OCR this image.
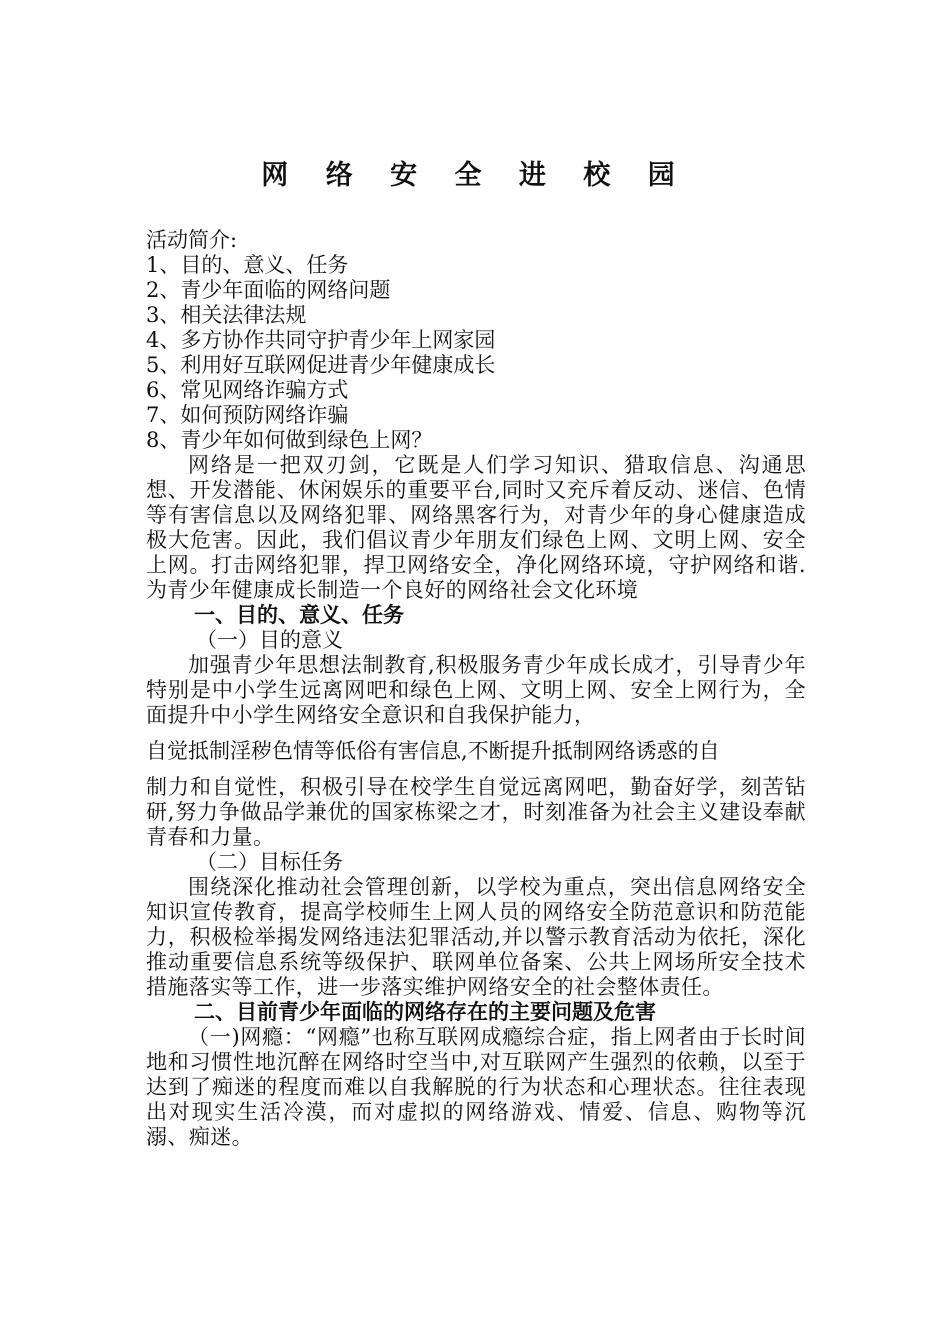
网 络 安 全 进 校 园

活动简介:

1、目的、意义、任务

2、青少年面临的网络问题

3、相关法律法规

4、多方协作共同守护青少年上网家园

5、利用好互联网促进青少年健康成长

6、常见网络诈骗方式

7、如何预防网络诈骗

8、青少年如何做到绿色上网？

网络是一把双刃剑，它既是人们学习知识、猎取信息、沟通思想、开发潜能、休闲娱乐的重要平台,同时又充斥着反动、迷信、色情等有害信息以及网络犯罪、网络黑客行为，对青少年的身心健康造成极大危害。因此，我们倡议青少年朋友们绿色上网、文明上网、安全上网。打击网络犯罪，捍卫网络安全，净化网络环境，守护网络和谐.为青少年健康成长制造一个良好的网络社会文化环境

一、目的、意义、任务

（一）目的意义

加强青少年思想法制教育,积极服务青少年成长成才，引导青少年特别是中小学生远离网吧和绿色上网、文明上网、安全上网行为，全面提升中小学生网络安全意识和自我保护能力，

自觉抵制淫秽色情等低俗有害信息,不断提升抵制网络诱惑的自

制力和自觉性，积极引导在校学生自觉远离网吧，勤奋好学，刻苦钻研,努力争做品学兼优的国家栋梁之才，时刻准备为社会主义建设奉献青春和力量。

（二）目标任务

围绕深化推动社会管理创新，以学校为重点，突出信息网络安全知识宣传教育，提高学校师生上网人员的网络安全防范意识和防范能力，积极检举揭发网络违法犯罪活动,并以警示教育活动为依托，深化推动重要信息系统等级保护、联网单位备案、公共上网场所安全技术措施落实等工作，进一步落实维护网络安全的社会整体责任。

二、目前青少年面临的网络存在的主要问题及危害

（一)网瘾：“网瘾”也称互联网成瘾综合症，指上网者由于长时间地和习惯性地沉醉在网络时空当中,对互联网产生强烈的依赖，以至于达到了痴迷的程度而难以自我解脱的行为状态和心理状态。往往表现出对现实生活冷漠，而对虚拟的网络游戏、情爱、信息、购物等沉溺、痴迷。
